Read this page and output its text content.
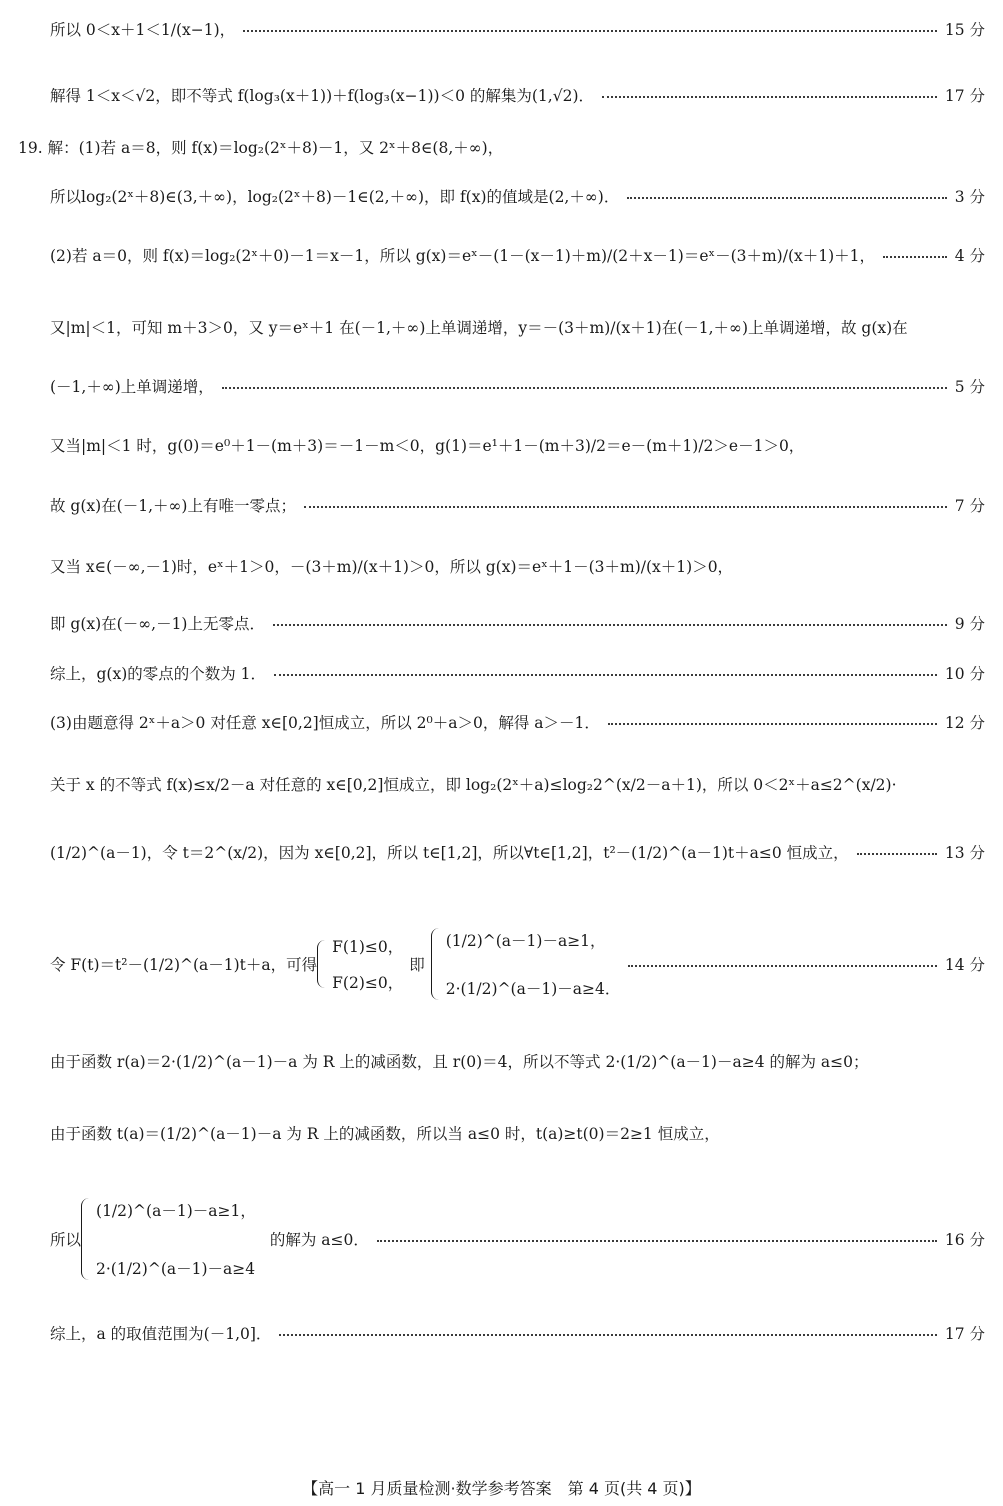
所以 0＜x＋1＜1/(x−1)，	15 分
解得 1＜x＜√2，即不等式 f(log₃(x＋1))＋f(log₃(x−1))＜0 的解集为(1,√2)．	17 分
19. 解：(1)若 a＝8，则 f(x)＝log₂(2ˣ＋8)－1，又 2ˣ＋8∈(8,＋∞)，
所以log₂(2ˣ＋8)∈(3,＋∞)，log₂(2ˣ＋8)－1∈(2,＋∞)，即 f(x)的值域是(2,＋∞)．	3 分
(2)若 a＝0，则 f(x)＝log₂(2ˣ＋0)－1＝x－1，所以 g(x)＝eˣ－(1－(x－1)＋m)/(2＋x－1)＝eˣ－(3＋m)/(x＋1)＋1，	4 分
又|m|＜1，可知 m＋3＞0，又 y＝eˣ＋1 在(－1,＋∞)上单调递增，y＝－(3＋m)/(x＋1)在(－1,＋∞)上单调递增，故 g(x)在
(－1,＋∞)上单调递增，	5 分
又当|m|＜1 时，g(0)＝e⁰＋1－(m＋3)＝－1－m＜0，g(1)＝e¹＋1－(m＋3)/2＝e－(m＋1)/2＞e－1＞0，
故 g(x)在(－1,＋∞)上有唯一零点；	7 分
又当 x∈(－∞,－1)时，eˣ＋1＞0，－(3＋m)/(x＋1)＞0，所以 g(x)＝eˣ＋1－(3＋m)/(x＋1)＞0，
即 g(x)在(－∞,－1)上无零点．	9 分
综上，g(x)的零点的个数为 1．	10 分
(3)由题意得 2ˣ＋a＞0 对任意 x∈[0,2]恒成立，所以 2⁰＋a＞0，解得 a＞－1．	12 分
关于 x 的不等式 f(x)≤x/2－a 对任意的 x∈[0,2]恒成立，即 log₂(2ˣ＋a)≤log₂2^(x/2－a＋1)，所以 0＜2ˣ＋a≤2^(x/2)·
(1/2)^(a－1)，令 t＝2^(x/2)，因为 x∈[0,2]，所以 t∈[1,2]，所以∀t∈[1,2]，t²－(1/2)^(a－1)t＋a≤0 恒成立，	13 分
令 F(t)＝t²－(1/2)^(a－1)t＋a，可得
F(1)≤0，
F(2)≤0，
即
(1/2)^(a－1)－a≥1，
2·(1/2)^(a－1)－a≥4．
14 分
由于函数 r(a)＝2·(1/2)^(a－1)－a 为 R 上的减函数，且 r(0)＝4，所以不等式 2·(1/2)^(a－1)－a≥4 的解为 a≤0；
由于函数 t(a)＝(1/2)^(a－1)－a 为 R 上的减函数，所以当 a≤0 时，t(a)≥t(0)＝2≥1 恒成立，
所以
(1/2)^(a－1)－a≥1，
2·(1/2)^(a－1)－a≥4
的解为 a≤0．	16 分
综上，a 的取值范围为(－1,0]．	17 分
【高一 1 月质量检测·数学参考答案　第 4 页(共 4 页)】
